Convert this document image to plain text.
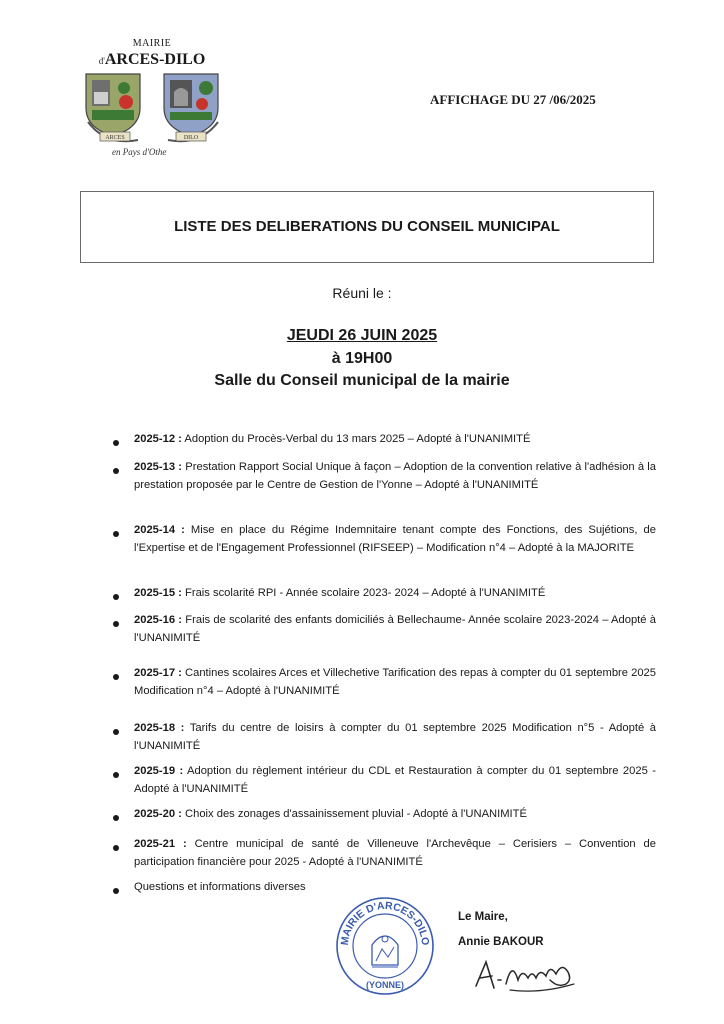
MAIRIE
d'ARCES-DILO
ARCES	DILO
en Pays d'Othe
AFFICHAGE DU 27 /06/2025
LISTE DES DELIBERATIONS DU CONSEIL MUNICIPAL
Réuni le :
JEUDI 26 JUIN 2025
à 19H00
Salle du Conseil municipal de la mairie
2025-12 : Adoption du Procès-Verbal du 13 mars 2025 – Adopté à l'UNANIMITÉ
2025-13 : Prestation Rapport Social Unique à façon – Adoption de la convention relative à l'adhésion à la prestation proposée par le Centre de Gestion de l'Yonne – Adopté à l'UNANIMITÉ
2025-14 : Mise en place du Régime Indemnitaire tenant compte des Fonctions, des Sujétions, de l'Expertise et de l'Engagement Professionnel (RIFSEEP) – Modification n°4 – Adopté à la MAJORITE
2025-15 : Frais scolarité RPI - Année scolaire 2023- 2024 – Adopté à l'UNANIMITÉ
2025-16 : Frais de scolarité des enfants domiciliés à Bellechaume- Année scolaire 2023-2024 – Adopté à l'UNANIMITÉ
2025-17 : Cantines scolaires Arces et Villechetive Tarification des repas à compter du 01 septembre 2025 Modification n°4 – Adopté à l'UNANIMITÉ
2025-18 : Tarifs du centre de loisirs à compter du 01 septembre 2025 Modification n°5 - Adopté à l'UNANIMITÉ
2025-19 : Adoption du règlement intérieur du CDL et Restauration à compter du 01 septembre 2025 - Adopté à l'UNANIMITÉ
2025-20 : Choix des zonages d'assainissement pluvial - Adopté à l'UNANIMITÉ
2025-21 : Centre municipal de santé de Villeneuve l'Archevêque – Cerisiers – Convention de participation financière pour 2025 - Adopté à l'UNANIMITÉ
Questions et informations diverses
MAIRIE D'ARCES-DILO
(YONNE)
Le Maire,
Annie BAKOUR
